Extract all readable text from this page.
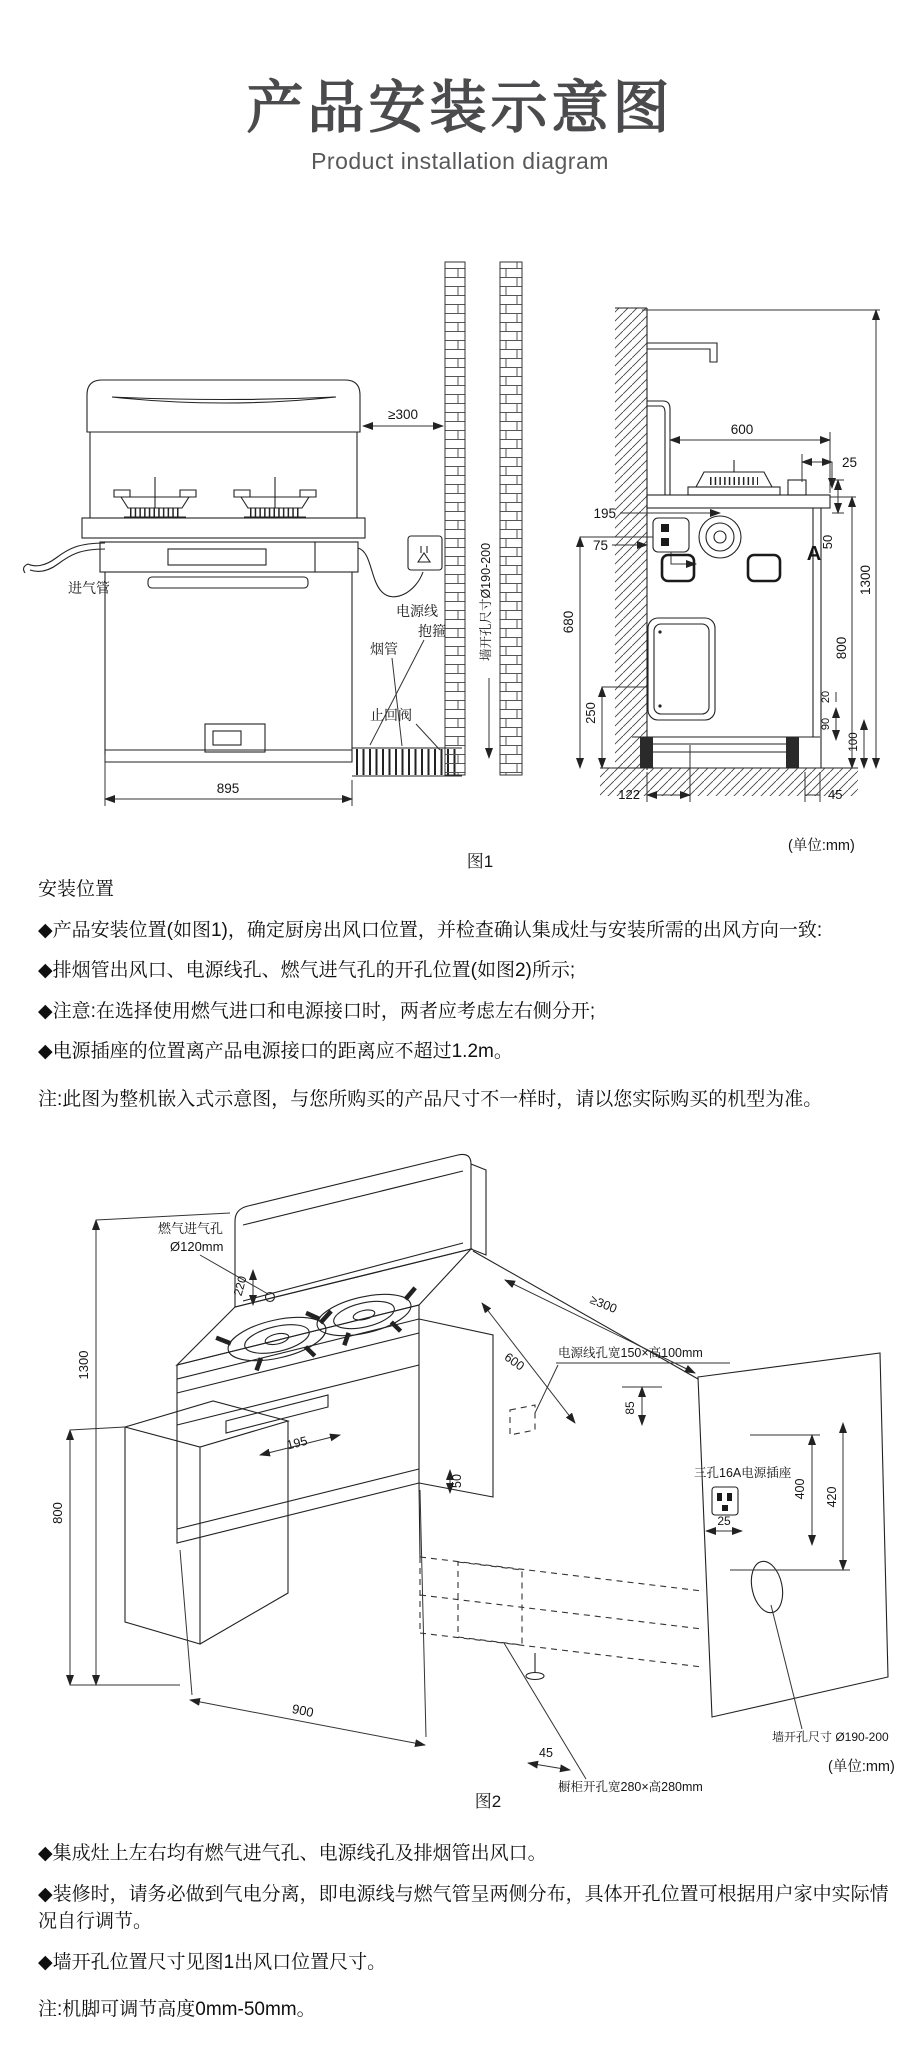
产品安装示意图
Product installation diagram
墙开孔尺寸Ø190-200
≥300
895
进气管
电源线
抱箍
烟管
止回阀
A
600
25
195
75
680
250
50
800
1300
20
90
100
122	45
(单位:mm)
图1

安装位置

◆产品安装位置(如图1)，确定厨房出风口位置，并检查确认集成灶与安装所需的出风方向一致:

◆排烟管出风口、电源线孔、燃气进气孔的开孔位置(如图2)所示;

◆注意:在选择使用燃气进口和电源接口时，两者应考虑左右侧分开;

◆电源插座的位置离产品电源接口的距离应不超过1.2m。

注:此图为整机嵌入式示意图，与您所购买的产品尺寸不一样时，请以您实际购买的机型为准。

燃气进气孔
Ø120mm
220
1300
800
195
50
600
≥300
电源线孔宽150×高100mm
85
三孔16A电源插座
400 420
25
900
45
墙开孔尺寸 Ø190-200
橱柜开孔宽280×高280mm
(单位:mm)
图2

◆集成灶上左右均有燃气进气孔、电源线孔及排烟管出风口。

◆装修时，请务必做到气电分离，即电源线与燃气管呈两侧分布，具体开孔位置可根据用户家中实际情况自行调节。

◆墙开孔位置尺寸见图1出风口位置尺寸。

注:机脚可调节高度0mm-50mm。
